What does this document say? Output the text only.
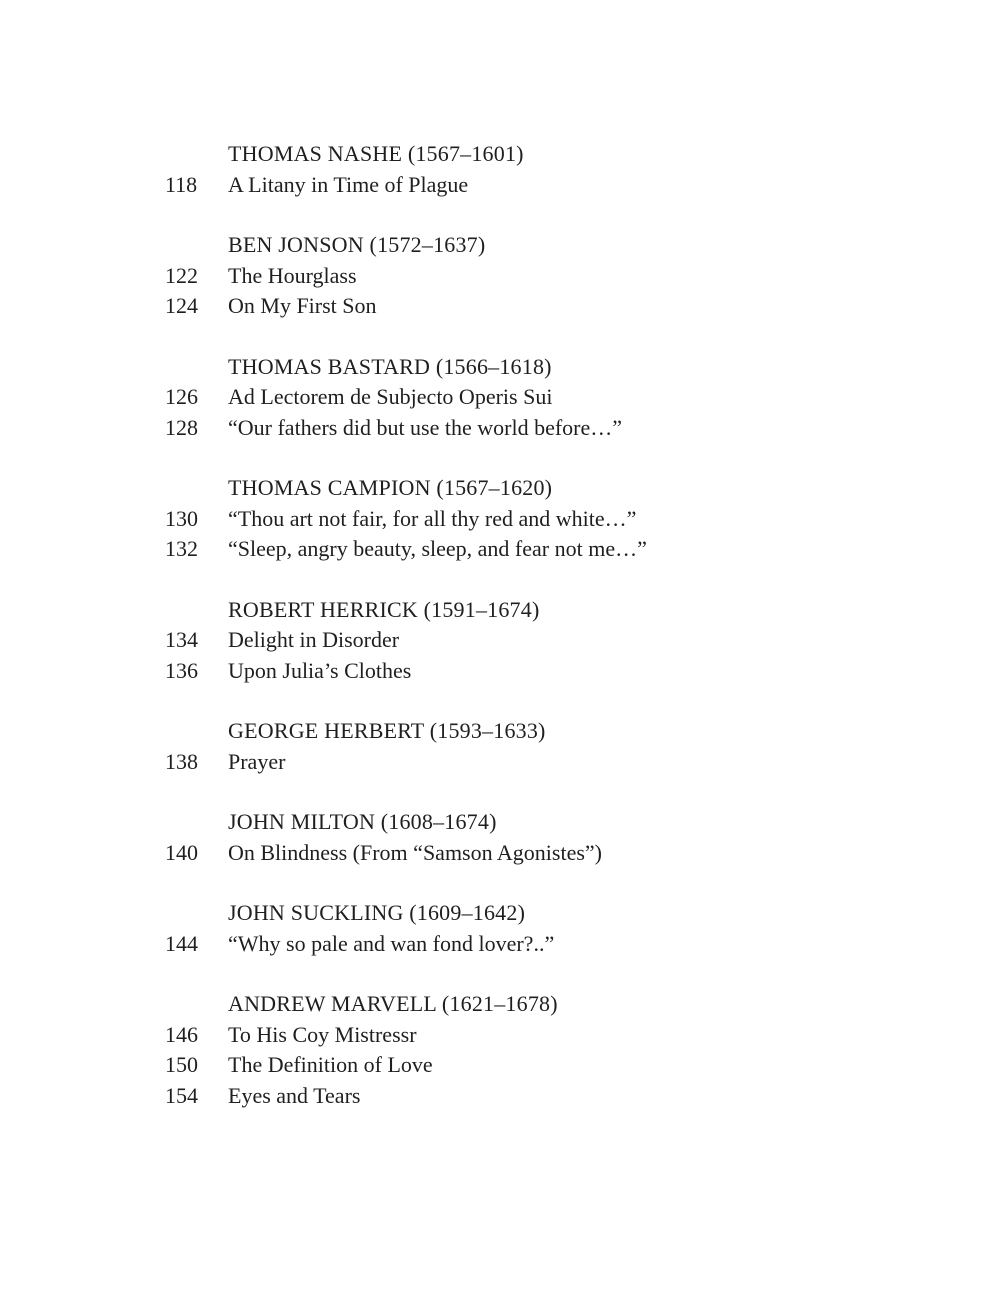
THOMAS NASHE (1567–1601)
118	A Litany in Time of Plague
BEN JONSON (1572–1637)
122	The Hourglass
124	On My First Son
THOMAS BASTARD (1566–1618)
126	Ad Lectorem de Subjecto Operis Sui
128	“Our fathers did but use the world before…”
THOMAS CAMPION (1567–1620)
130	“Thou art not fair, for all thy red and white…”
132	“Sleep, angry beauty, sleep, and fear not me…”
ROBERT HERRICK (1591–1674)
134	Delight in Disorder
136	Upon Julia’s Clothes
GEORGE HERBERT (1593–1633)
138	Prayer
JOHN MILTON (1608–1674)
140	On Blindness (From “Samson Agonistes”)
JOHN SUCKLING (1609–1642)
144	“Why so pale and wan fond lover?..”
ANDREW MARVELL (1621–1678)
146	To His Coy Mistressr
150	The Definition of Love
154	Eyes and Tears
